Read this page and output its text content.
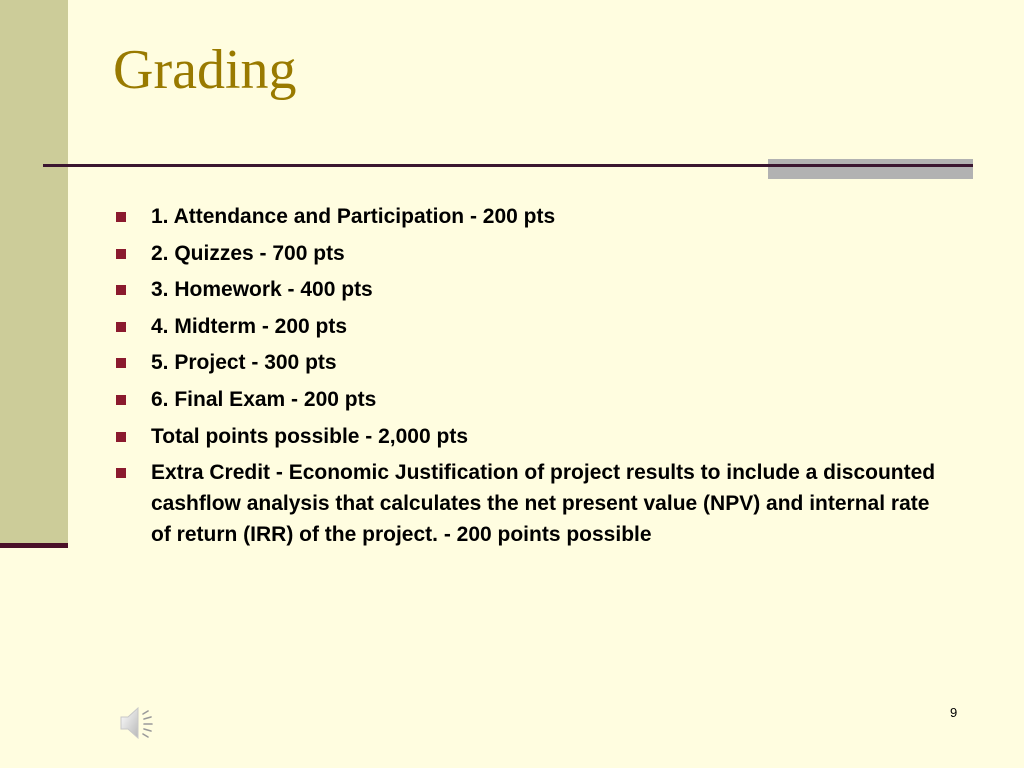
Grading
1. Attendance and Participation - 200 pts
2. Quizzes - 700 pts
3. Homework - 400 pts
4. Midterm - 200 pts
5. Project - 300 pts
6. Final Exam - 200 pts
Total points possible - 2,000 pts
Extra Credit - Economic Justification of project results to include a discounted cashflow analysis that calculates the net present value (NPV) and internal rate of return (IRR) of the project. - 200 points possible
9
